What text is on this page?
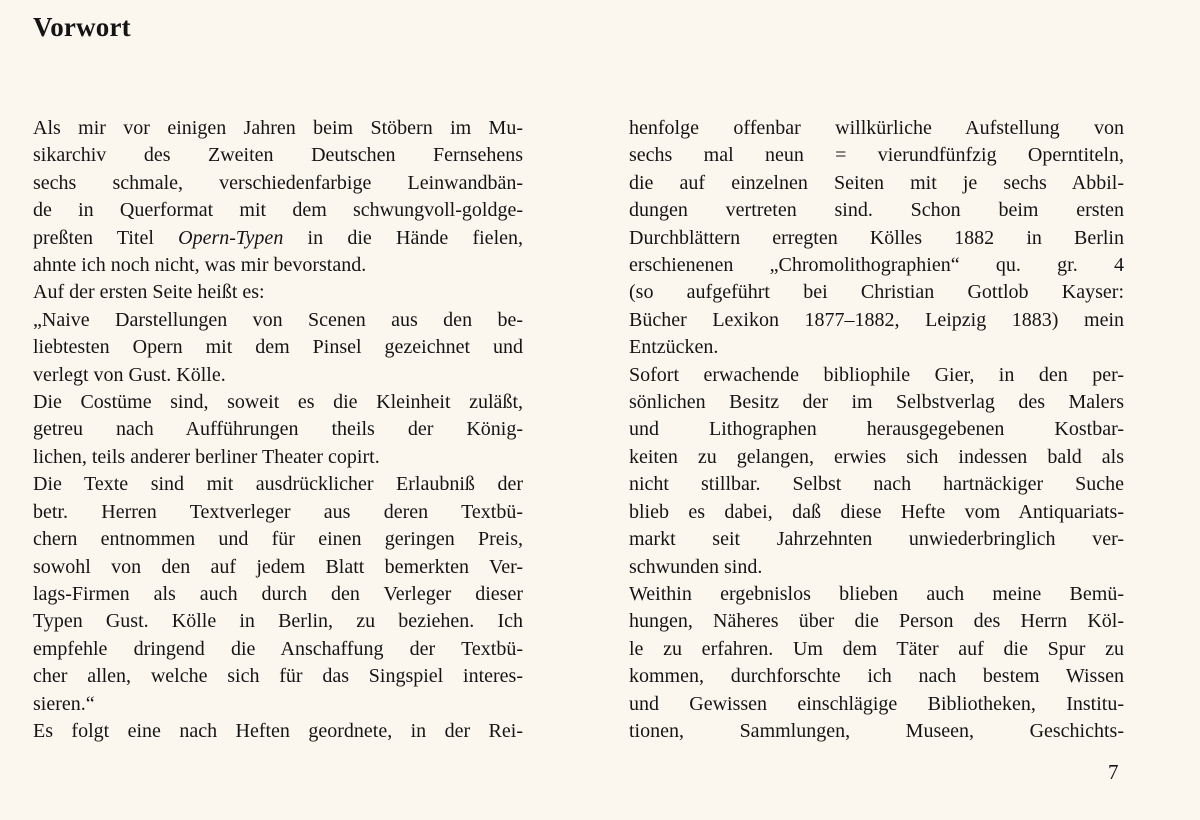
Vorwort
Als mir vor einigen Jahren beim Stöbern im Mu-
sikarchiv des Zweiten Deutschen Fernsehens
sechs schmale, verschiedenfarbige Leinwandbän-
de in Querformat mit dem schwungvoll-goldge-
preßten Titel Opern-Typen in die Hände fielen,
ahnte ich noch nicht, was mir bevorstand.
Auf der ersten Seite heißt es:
„Naive Darstellungen von Scenen aus den be-
liebtesten Opern mit dem Pinsel gezeichnet und
verlegt von Gust. Kölle.
Die Costüme sind, soweit es die Kleinheit zuläßt,
getreu nach Aufführungen theils der König-
lichen, teils anderer berliner Theater copirt.
Die Texte sind mit ausdrücklicher Erlaubniß der
betr. Herren Textverleger aus deren Textbü-
chern entnommen und für einen geringen Preis,
sowohl von den auf jedem Blatt bemerkten Ver-
lags-Firmen als auch durch den Verleger dieser
Typen Gust. Kölle in Berlin, zu beziehen. Ich
empfehle dringend die Anschaffung der Textbü-
cher allen, welche sich für das Singspiel interes-
sieren.“
Es folgt eine nach Heften geordnete, in der Rei-
henfolge offenbar willkürliche Aufstellung von
sechs mal neun = vierundfünfzig Operntiteln,
die auf einzelnen Seiten mit je sechs Abbil-
dungen vertreten sind. Schon beim ersten
Durchblättern erregten Kölles 1882 in Berlin
erschienenen „Chromolithographien“ qu. gr. 4
(so aufgeführt bei Christian Gottlob Kayser:
Bücher Lexikon 1877–1882, Leipzig 1883) mein
Entzücken.
Sofort erwachende bibliophile Gier, in den per-
sönlichen Besitz der im Selbstverlag des Malers
und Lithographen herausgegebenen Kostbar-
keiten zu gelangen, erwies sich indessen bald als
nicht stillbar. Selbst nach hartnäckiger Suche
blieb es dabei, daß diese Hefte vom Antiquariats-
markt seit Jahrzehnten unwiederbringlich ver-
schwunden sind.
Weithin ergebnislos blieben auch meine Bemü-
hungen, Näheres über die Person des Herrn Köl-
le zu erfahren. Um dem Täter auf die Spur zu
kommen, durchforschte ich nach bestem Wissen
und Gewissen einschlägige Bibliotheken, Institu-
tionen, Sammlungen, Museen, Geschichts-
7
